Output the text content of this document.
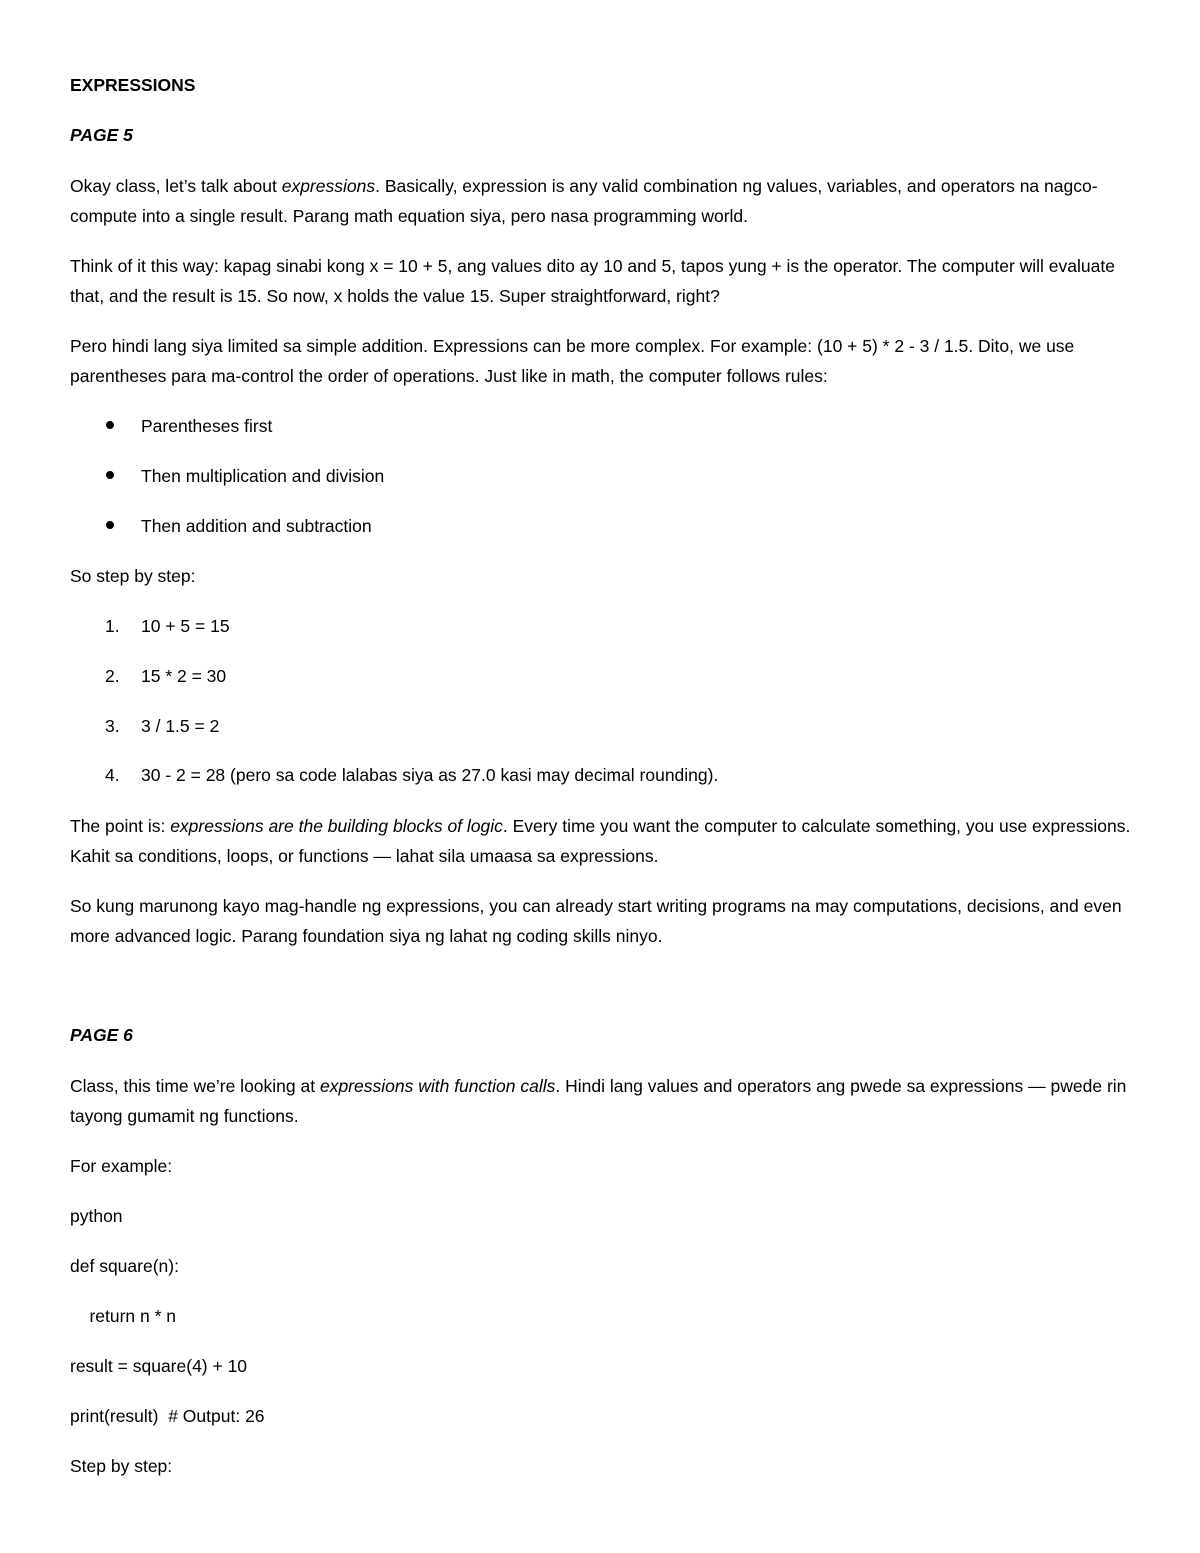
EXPRESSIONS
PAGE 5
Okay class, let’s talk about expressions. Basically, expression is any valid combination ng values, variables, and operators na nagco-compute into a single result. Parang math equation siya, pero nasa programming world.
Think of it this way: kapag sinabi kong x = 10 + 5, ang values dito ay 10 and 5, tapos yung + is the operator. The computer will evaluate that, and the result is 15. So now, x holds the value 15. Super straightforward, right?
Pero hindi lang siya limited sa simple addition. Expressions can be more complex. For example: (10 + 5) * 2 - 3 / 1.5. Dito, we use parentheses para ma-control the order of operations. Just like in math, the computer follows rules:
Parentheses first
Then multiplication and division
Then addition and subtraction
So step by step:
1. 10 + 5 = 15
2. 15 * 2 = 30
3. 3 / 1.5 = 2
4. 30 - 2 = 28 (pero sa code lalabas siya as 27.0 kasi may decimal rounding).
The point is: expressions are the building blocks of logic. Every time you want the computer to calculate something, you use expressions. Kahit sa conditions, loops, or functions — lahat sila umaasa sa expressions.
So kung marunong kayo mag-handle ng expressions, you can already start writing programs na may computations, decisions, and even more advanced logic. Parang foundation siya ng lahat ng coding skills ninyo.
PAGE 6
Class, this time we’re looking at expressions with function calls. Hindi lang values and operators ang pwede sa expressions — pwede rin tayong gumamit ng functions.
For example:
python
def square(n):
return n * n
result = square(4) + 10
print(result)  # Output: 26
Step by step:
